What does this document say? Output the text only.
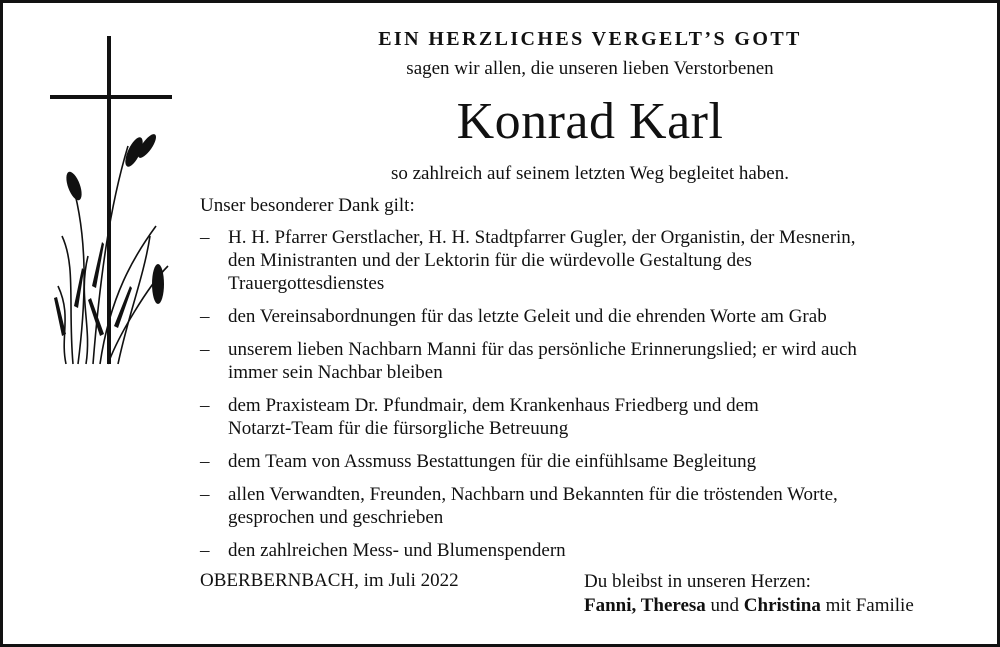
EIN HERZLICHES VERGELT’S GOTT
sagen wir allen, die unseren lieben Verstorbenen
Konrad Karl
so zahlreich auf seinem letzten Weg begleitet haben.
Unser besonderer Dank gilt:
– H. H. Pfarrer Gerstlacher, H. H. Stadtpfarrer Gugler, der Organistin, der Mesnerin,
den Ministranten und der Lektorin für die würdevolle Gestaltung des
Trauergottesdienstes
– den Vereinsabordnungen für das letzte Geleit und die ehrenden Worte am Grab
– unserem lieben Nachbarn Manni für das persönliche Erinnerungslied; er wird auch
immer sein Nachbar bleiben
– dem Praxisteam Dr. Pfundmair, dem Krankenhaus Friedberg und dem
Notarzt-Team für die fürsorgliche Betreuung
– dem Team von Assmuss Bestattungen für die einfühlsame Begleitung
– allen Verwandten, Freunden, Nachbarn und Bekannten für die tröstenden Worte,
gesprochen und geschrieben
– den zahlreichen Mess- und Blumenspendern
OBERBERNBACH, im Juli 2022	Du bleibst in unseren Herzen:
Fanni, Theresa und Christina mit Familie
